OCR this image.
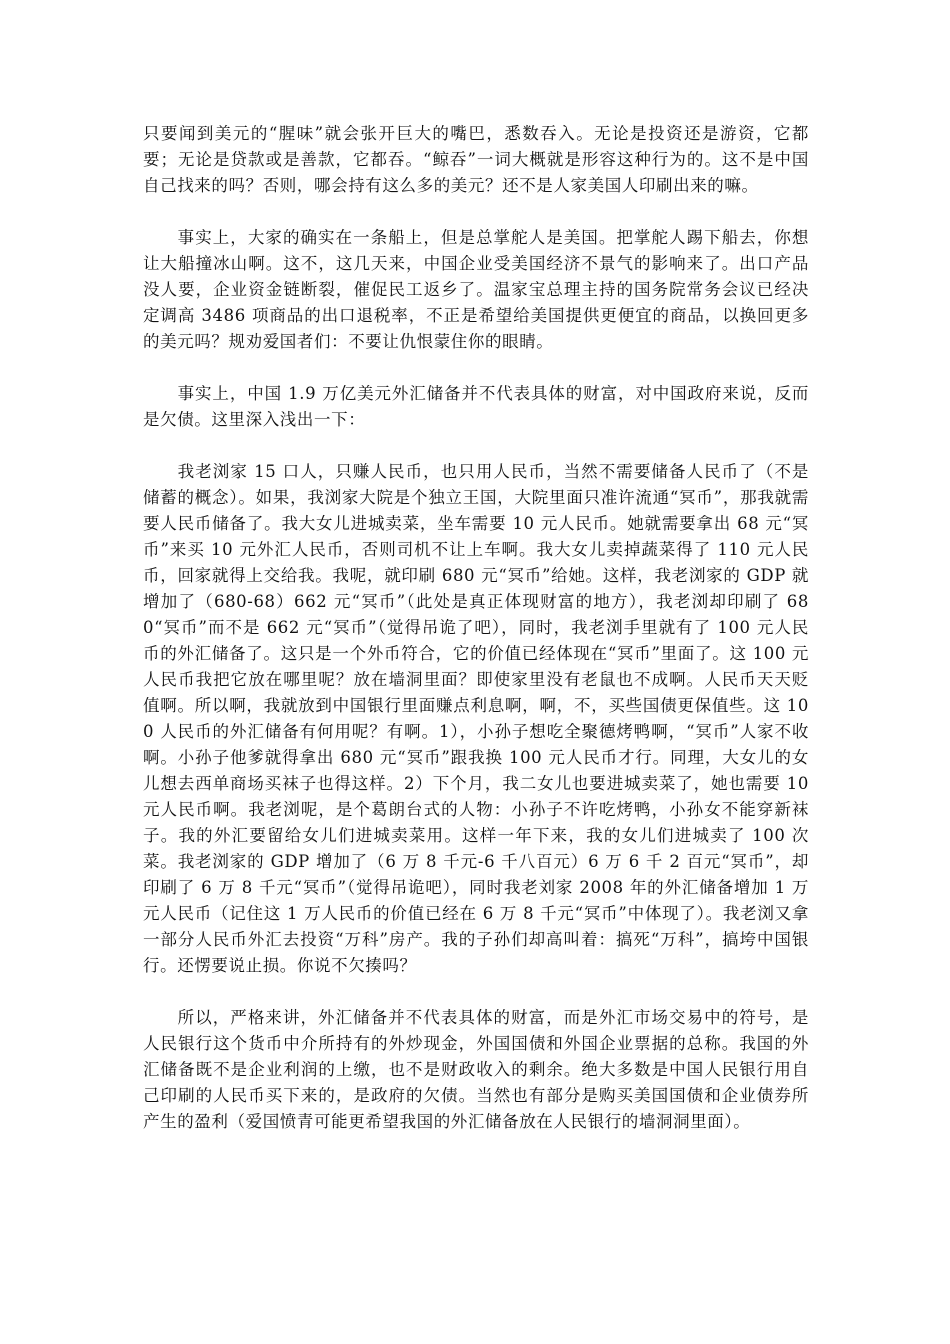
只要闻到美元的“腥味”就会张开巨大的嘴巴，悉数吞入。无论是投资还是游资，它都要；无论是贷款或是善款，它都吞。“鲸吞”一词大概就是形容这种行为的。这不是中国自己找来的吗？否则，哪会持有这么多的美元？还不是人家美国人印刷出来的嘛。

事实上，大家的确实在一条船上，但是总掌舵人是美国。把掌舵人踢下船去，你想让大船撞冰山啊。这不，这几天来，中国企业受美国经济不景气的影响来了。出口产品没人要，企业资金链断裂，催促民工返乡了。温家宝总理主持的国务院常务会议已经决定调高 3486 项商品的出口退税率，不正是希望给美国提供更便宜的商品，以换回更多的美元吗？规劝爱国者们：不要让仇恨蒙住你的眼睛。

事实上，中国 1.9 万亿美元外汇储备并不代表具体的财富，对中国政府来说，反而是欠债。这里深入浅出一下：

我老浏家 15 口人，只赚人民币，也只用人民币，当然不需要储备人民币了（不是储蓄的概念）。如果，我浏家大院是个独立王国，大院里面只准许流通“冥币”，那我就需要人民币储备了。我大女儿进城卖菜，坐车需要 10 元人民币。她就需要拿出 68 元“冥币”来买 10 元外汇人民币，否则司机不让上车啊。我大女儿卖掉蔬菜得了 110 元人民币，回家就得上交给我。我呢，就印刷 680 元“冥币”给她。这样，我老浏家的 GDP 就增加了（680-68）662 元“冥币”（此处是真正体现财富的地方），我老浏却印刷了 680“冥币”而不是 662 元“冥币”（觉得吊诡了吧），同时，我老浏手里就有了 100 元人民币的外汇储备了。这只是一个外币符合，它的价值已经体现在“冥币”里面了。这 100 元人民币我把它放在哪里呢？放在墙洞里面？即使家里没有老鼠也不成啊。人民币天天贬值啊。所以啊，我就放到中国银行里面赚点利息啊，啊，不，买些国债更保值些。这 100 人民币的外汇储备有何用呢？有啊。1），小孙子想吃全聚德烤鸭啊，“冥币”人家不收啊。小孙子他爹就得拿出 680 元“冥币”跟我换 100 元人民币才行。同理，大女儿的女儿想去西单商场买袜子也得这样。2）下个月，我二女儿也要进城卖菜了，她也需要 10 元人民币啊。我老浏呢，是个葛朗台式的人物：小孙子不许吃烤鸭，小孙女不能穿新袜子。我的外汇要留给女儿们进城卖菜用。这样一年下来，我的女儿们进城卖了 100 次菜。我老浏家的 GDP 增加了（6 万 8 千元-6 千八百元）6 万 6 千 2 百元“冥币”，却印刷了 6 万 8 千元“冥币”（觉得吊诡吧），同时我老刘家 2008 年的外汇储备增加 1 万元人民币（记住这 1 万人民币的价值已经在 6 万 8 千元“冥币”中体现了）。我老浏又拿一部分人民币外汇去投资“万科”房产。我的子孙们却高叫着：搞死“万科”，搞垮中国银行。还愣要说止损。你说不欠揍吗？

所以，严格来讲，外汇储备并不代表具体的财富，而是外汇市场交易中的符号，是人民银行这个货币中介所持有的外炒现金，外国国债和外国企业票据的总称。我国的外汇储备既不是企业利润的上缴，也不是财政收入的剩余。绝大多数是中国人民银行用自己印刷的人民币买下来的，是政府的欠债。当然也有部分是购买美国国债和企业债券所产生的盈利（爱国愤青可能更希望我国的外汇储备放在人民银行的墙洞洞里面）。
